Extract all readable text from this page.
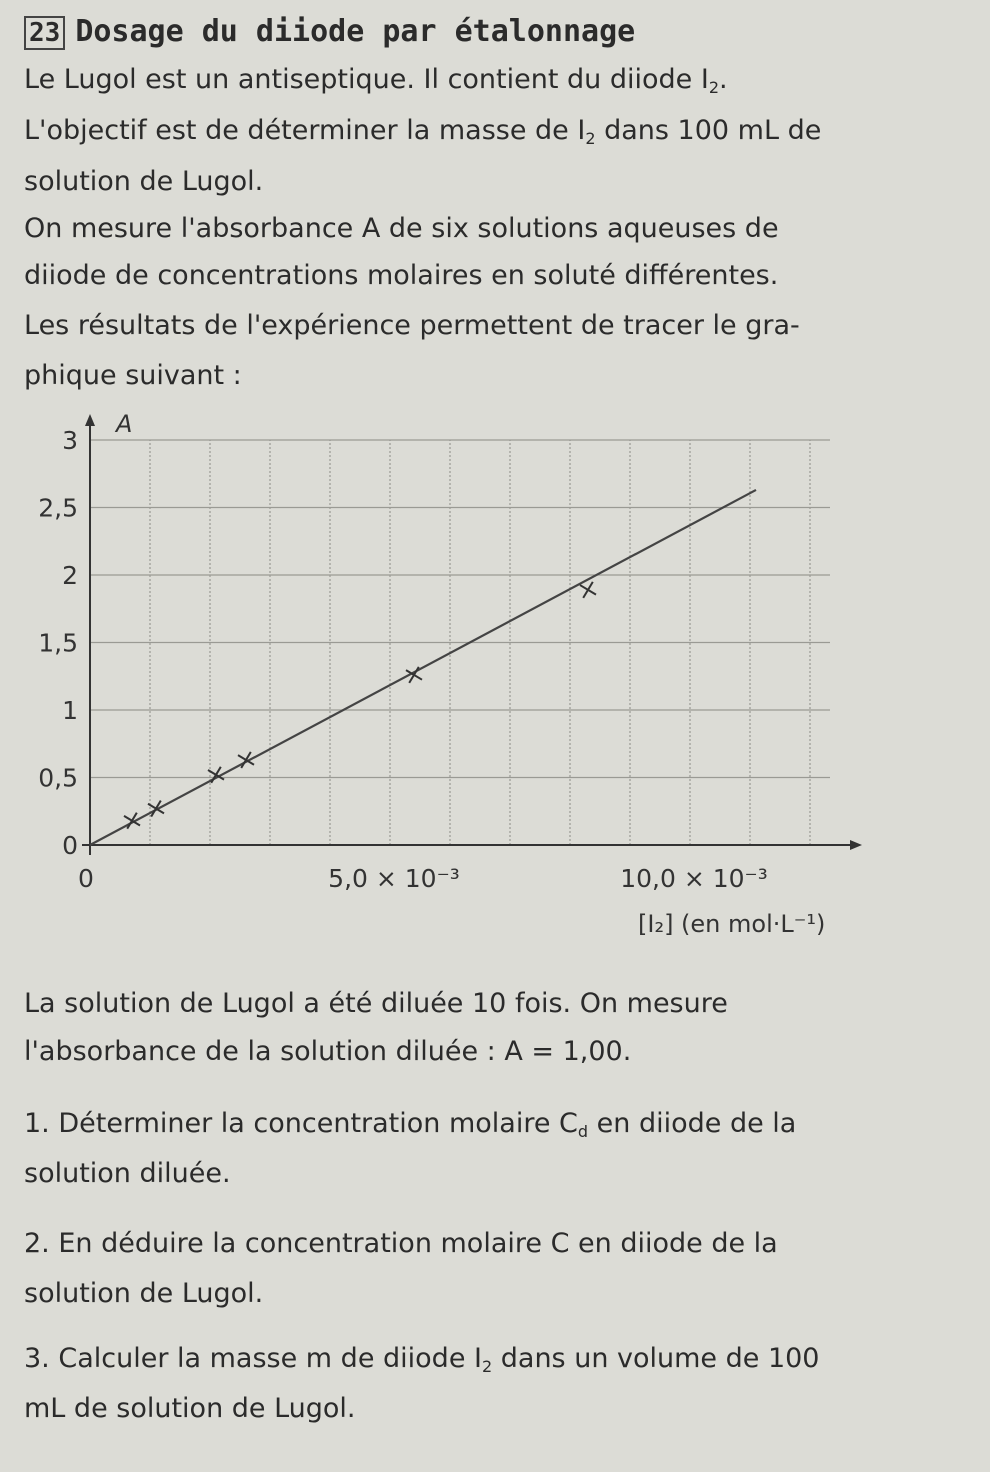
23 Dosage du diiode par étalonnage

Le Lugol est un antiseptique. Il contient du diiode $I_2$.

L'objectif est de déterminer la masse de $I_2$ dans 100 mL de

solution de Lugol.

On mesure l'absorbance A de six solutions aqueuses de

diiode de concentrations molaires en soluté différentes.

Les résultats de l'expérience permettent de tracer le gra-

phique suivant :

0
0,5
1
1,5
2
2,5
3
0	5,0 × 10⁻³	10,0 × 10⁻³
A
[I₂] (en mol·L⁻¹)

La solution de Lugol a été diluée 10 fois. On mesure

l'absorbance de la solution diluée : A = 1,00.

1. Déterminer la concentration molaire $C_d$ en diiode de la

solution diluée.

2. En déduire la concentration molaire C en diiode de la

solution de Lugol.

3. Calculer la masse m de diiode $I_2$ dans un volume de 100

mL de solution de Lugol.
